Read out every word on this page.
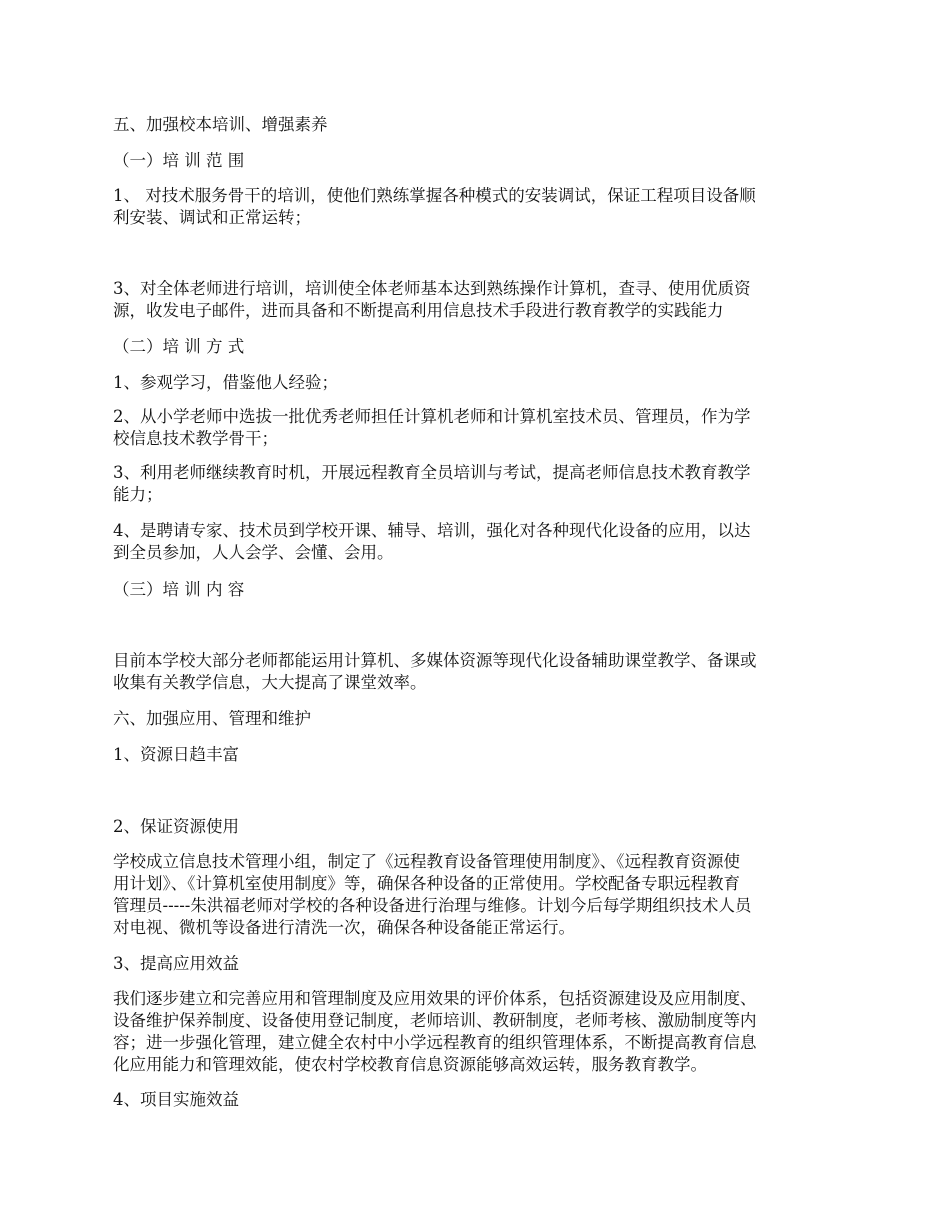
五、加强校本培训、增强素养

（一）培 训 范 围

1、 对技术服务骨干的培训，使他们熟练掌握各种模式的安装调试，保证工程项目设备顺
利安装、调试和正常运转；

3、对全体老师进行培训，培训使全体老师基本达到熟练操作计算机，查寻、使用优质资
源，收发电子邮件，进而具备和不断提高利用信息技术手段进行教育教学的实践能力

（二）培 训 方 式

1、参观学习，借鉴他人经验；

2、从小学老师中选拔一批优秀老师担任计算机老师和计算机室技术员、管理员，作为学
校信息技术教学骨干；

3、利用老师继续教育时机，开展远程教育全员培训与考试，提高老师信息技术教育教学
能力；

4、是聘请专家、技术员到学校开课、辅导、培训，强化对各种现代化设备的应用，以达
到全员参加，人人会学、会懂、会用。

（三）培 训 内 容

目前本学校大部分老师都能运用计算机、多媒体资源等现代化设备辅助课堂教学、备课或
收集有关教学信息，大大提高了课堂效率。

六、加强应用、管理和维护

1、资源日趋丰富

2、保证资源使用

学校成立信息技术管理小组，制定了《远程教育设备管理使用制度》、《远程教育资源使
用计划》、《计算机室使用制度》等，确保各种设备的正常使用。学校配备专职远程教育
管理员-----朱洪福老师对学校的各种设备进行治理与维修。计划今后每学期组织技术人员
对电视、微机等设备进行清洗一次，确保各种设备能正常运行。

3、提高应用效益

我们逐步建立和完善应用和管理制度及应用效果的评价体系，包括资源建设及应用制度、
设备维护保养制度、设备使用登记制度，老师培训、教研制度，老师考核、激励制度等内
容；进一步强化管理，建立健全农村中小学远程教育的组织管理体系，不断提高教育信息
化应用能力和管理效能，使农村学校教育信息资源能够高效运转，服务教育教学。

4、项目实施效益
